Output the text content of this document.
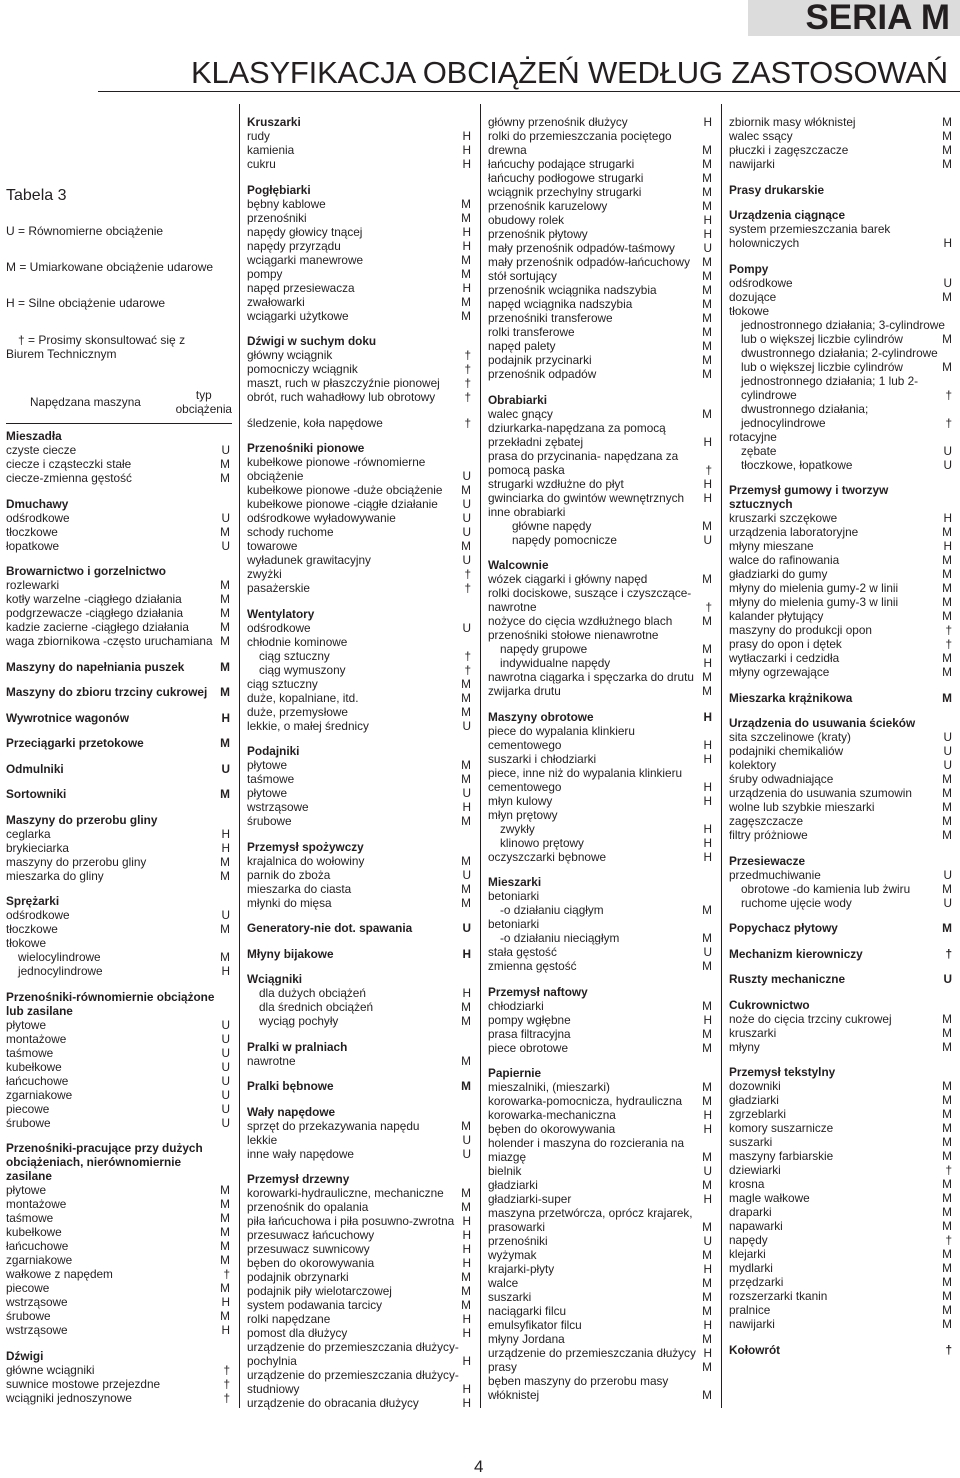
SERIA M
KLASYFIKACJA OBCIĄŻEŃ WEDŁUG ZASTOSOWAŃ
Tabela 3
U = Równomierne obciążenie
M = Umiarkowane obciążenie udarowe
H = Silne obciążenie udarowe
† = Prosimy skonsultować się z
Biurem Technicznym
Napędzana maszyna	typ
obciążenia
Mieszadła
czyste ciecze	U
ciecze i cząsteczki stałe	M
ciecze-zmienna gęstość	M
Dmuchawy
odśrodkowe	U
tłoczkowe	M
łopatkowe	U
Browarnictwo i gorzelnictwo
rozlewarki	M
kotły warzelne -ciągłego działania	M
podgrzewacze -ciągłego działania	M
kadzie zacierne -ciągłego działania	M
waga zbiornikowa -często uruchamiana M
Maszyny do napełniania puszek	M
Maszyny do zbioru trzciny cukrowej M
Wywrotnice wagonów	H
Przeciągarki przetokowe	M
Odmulniki	U
Sortowniki	M
Maszyny do przerobu gliny
ceglarka	H
brykieciarka	H
maszyny do przerobu gliny	M
mieszarka do gliny	M
Sprężarki
odśrodkowe	U
tłoczkowe	M
tłokowe
wielocylindrowe	M
jednocylindrowe	H
Przenośniki-równomiernie obciążone
lub zasilane
płytowe	U
montażowe	U
taśmowe	U
kubełkowe	U
łańcuchowe	U
zgarniakowe	U
piecowe	U
śrubowe	U
Przenośniki-pracujące przy dużych
obciążeniach, nierównomiernie
zasilane
płytowe	M
montażowe	M
taśmowe	M
kubełkowe	M
łańcuchowe	M
zgarniakowe	M
wałkowe z napędem	†
piecowe	M
wstrząsowe	H
śrubowe	M
wstrząsowe	H
Dźwigi
główne wciągniki	†
suwnice mostowe przejezdne	†
wciągniki jednoszynowe	†
Kruszarki
rudy	H
kamienia	H
cukru	H
Pogłębiarki
bębny kablowe	M
przenośniki	M
napędy głowicy tnącej	H
napędy przyrządu	H
wciągarki manewrowe	M
pompy	M
napęd przesiewacza	H
zwałowarki	M
wciągarki użytkowe	M
Dźwigi w suchym doku
główny wciągnik	†
pomocniczy wciągnik	†
maszt, ruch w płaszczyźnie pionowej †
obrót, ruch wahadłowy lub obrotowy †
śledzenie, koła napędowe	†
Przenośniki pionowe
kubełkowe pionowe -równomierne
obciążenie	U
kubełkowe pionowe -duże obciążenie M
kubełkowe pionowe -ciągłe działanie U
odśrodkowe wyładowywanie	U
schody ruchome	U
towarowe	M
wyładunek grawitacyjny	U
zwyżki	†
pasażerskie	†
Wentylatory
odśrodkowe	U
chłodnie kominowe
ciąg sztuczny	†
ciąg wymuszony	†
ciąg sztuczny	M
duże, kopalniane, itd.	M
duże, przemysłowe	M
lekkie, o małej średnicy	U
Podajniki
płytowe	M
taśmowe	M
płytowe	U
wstrząsowe	H
śrubowe	M
Przemysł spożywczy
krajalnica do wołowiny	M
parnik do zboża	U
mieszarka do ciasta	M
młynki do mięsa	M
Generatory-nie dot. spawania	U
Młyny bijakowe	H
Wciągniki
dla dużych obciążeń	H
dla średnich obciążeń	M
wyciąg pochyły	M
Pralki w pralniach
nawrotne	M
Pralki bębnowe	M
Wały napędowe
sprzęt do przekazywania napędu	M
lekkie	U
inne wały napędowe	U
Przemysł drzewny
korowarki-hydrauliczne, mechaniczne M
przenośnik do opalania	M
piła łańcuchowa i piła posuwno-zwrotna H
przesuwacz łańcuchowy	H
przesuwacz suwnicowy	H
bęben do okorowywania	H
podajnik obrzynarki	M
podajnik piły wielotarczowej	M
system podawania tarcicy	M
rolki napędzane	H
pomost dla dłużycy	H
urządzenie do przemieszczania dłużycy-
pochylnia	H
urządzenie do przemieszczania dłużycy-
studniowy	H
urządzenie do obracania dłużycy	H
główny przenośnik dłużycy	H
rolki do przemieszczania pociętego
drewna	M
łańcuchy podające strugarki	M
łańcuchy podłogowe strugarki	M
wciągnik przechylny strugarki	M
przenośnik karuzelowy	M
obudowy rolek	H
przenośnik płytowy	H
mały przenośnik odpadów-taśmowy U
mały przenośnik odpadów-łańcuchowy M
stół sortujący	M
przenośnik wciągnika nadszybia	M
napęd wciągnika nadszybia	M
przenośniki transferowe	M
rolki transferowe	M
napęd palety	M
podajnik przycinarki	M
przenośnik odpadów	M
Obrabiarki
walec gnący	M
dziurkarka-napędzana za pomocą
przekładni zębatej	H
prasa do przycinania- napędzana za
pomocą paska	†
strugarki wzdłużne do płyt	H
gwinciarka do gwintów wewnętrznych H
inne obrabiarki
główne napędy	M
napędy pomocnicze	U
Walcownie
wózek ciągarki i główny napęd	M
rolki dociskowe, suszące i czyszczące-
nawrotne	†
nożyce do cięcia wzdłużnego blach	M
przenośniki stołowe nienawrotne
napędy grupowe	M
indywidualne napędy	H
nawrotna ciągarka i spęczarka do drutu M
zwijarka drutu	M
Maszyny obrotowe	H
piece do wypalania klinkieru
cementowego	H
suszarki i chłodziarki	H
piece, inne niż do wypalania klinkieru
cementowego	H
młyn kulowy	H
młyn prętowy
zwykły	H
klinowo prętowy	H
oczyszczarki bębnowe	H
Mieszarki
betoniarki
-o działaniu ciągłym	M
betoniarki
-o działaniu nieciągłym	M
stała gęstość	U
zmienna gęstość	M
Przemysł naftowy
chłodziarki	M
pompy wgłębne	H
prasa filtracyjna	M
piece obrotowe	M
Papiernie
mieszalniki, (mieszarki)	M
korowarka-pomocnicza, hydrauliczna M
korowarka-mechaniczna	H
bęben do okorowywania	H
holender i maszyna do rozcierania na
miazgę	M
bielnik	U
gładziarki	M
gładziarki-super	H
maszyna przetwórcza, oprócz krajarek,
prasowarki	M
przenośniki	U
wyżymak	M
krajarki-płyty	H
walce	M
suszarki	M
naciągarki filcu	M
emulsyfikator filcu	H
młyny Jordana	M
urządzenie do przemieszczania dłużycy H
prasy	M
bęben maszyny do przerobu masy
włóknistej	M
zbiornik masy włóknistej	M
walec ssący	M
płuczki i zagęszczacze	M
nawijarki	M
Prasy drukarskie
Urządzenia ciągnące
system przemieszczania barek
holowniczych	H
Pompy
odśrodkowe	U
dozujące	M
tłokowe
jednostronnego działania; 3-cylindrowe
lub o większej liczbie cylindrów	M
dwustronnego działania; 2-cylindrowe
lub o większej liczbie cylindrów	M
jednostronnego działania; 1 lub 2-
cylindrowe	†
dwustronnego działania;
jednocylindrowe	†
rotacyjne
zębate	U
tłoczkowe, łopatkowe	U
Przemysł gumowy i tworzyw
sztucznych
kruszarki szczękowe	H
urządzenia laboratoryjne	M
młyny mieszane	H
walce do rafinowania	M
gładziarki do gumy	M
młyny do mielenia gumy-2 w linii	M
młyny do mielenia gumy-3 w linii	M
kalander płytujący	M
maszyny do produkcji opon	†
prasy do opon i dętek	†
wytłaczarki i cedzidła	M
młyny ogrzewające	M
Mieszarka krążnikowa	M
Urządzenia do usuwania ścieków
sita szczelinowe (kraty)	U
podajniki chemikaliów	U
kolektory	U
śruby odwadniające	M
urządzenia do usuwania szumowin	M
wolne lub szybkie mieszarki	M
zagęszczacze	M
filtry próżniowe	M
Przesiewacze
przedmuchiwanie	U
obrotowe -do kamienia lub żwiru	M
ruchome ujęcie wody	U
Popychacz płytowy	M
Mechanizm kierowniczy	†
Ruszty mechaniczne	U
Cukrownictwo
noże do cięcia trzciny cukrowej	M
kruszarki	M
młyny	M
Przemysł tekstylny
dozowniki	M
gładziarki	M
zgrzeblarki	M
komory suszarnicze	M
suszarki	M
maszyny farbiarskie	M
dziewiarki	†
krosna	M
magle wałkowe	M
draparki	M
napawarki	M
napędy	†
klejarki	M
mydlarki	M
przędzarki	M
rozszerzarki tkanin	M
pralnice	M
nawijarki	M
Kołowrót	†
4
